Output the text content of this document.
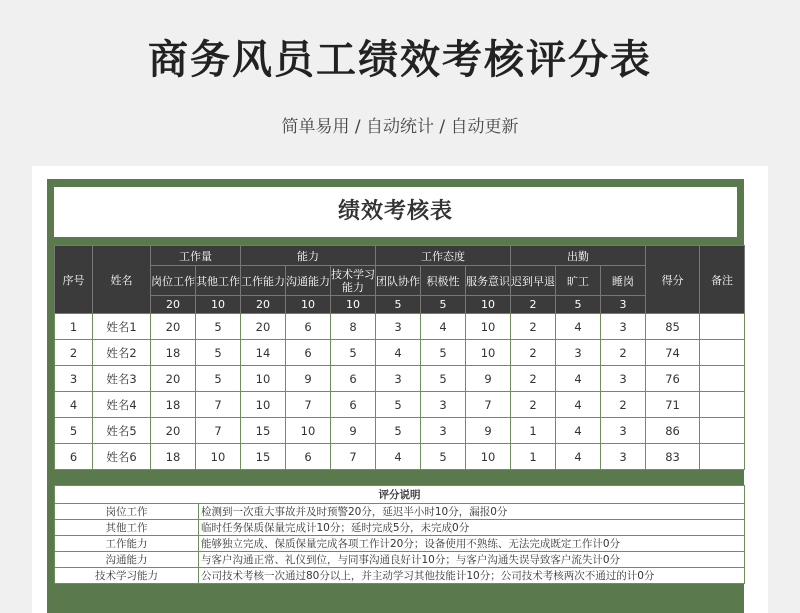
商务风员工绩效考核评分表
简单易用 / 自动统计 / 自动更新
绩效考核表
序号	姓名	工作量		能力			工作态度			出勤			得分	备注
		岗位工作	其他工作	工作能力	沟通能力	技术学习能力	团队协作	积极性	服务意识	迟到早退	旷工	睡岗		
		20	10	20	10	10	5	5	10	2	5	3		
1	姓名1	20	5	20	6	8	3	4	10	2	4	3	85	
2	姓名2	18	5	14	6	5	4	5	10	2	3	2	74	
3	姓名3	20	5	10	9	6	3	5	9	2	4	3	76	
4	姓名4	18	7	10	7	6	5	3	7	2	4	2	71	
5	姓名5	20	7	15	10	9	5	3	9	1	4	3	86	
6	姓名6	18	10	15	6	7	4	5	10	1	4	3	83	
评分说明	
岗位工作	检测到一次重大事故并及时预警20分，延迟半小时10分，漏报0分
其他工作	临时任务保质保量完成计10分；延时完成5分，未完成0分
工作能力	能够独立完成、保质保量完成各项工作计20分；设备使用不熟练、无法完成既定工作计0分
沟通能力	与客户沟通正常、礼仪到位，与同事沟通良好计10分；与客户沟通失误导致客户流失计0分
技术学习能力	公司技术考核一次通过80分以上，并主动学习其他技能计10分；公司技术考核两次不通过的计0分
